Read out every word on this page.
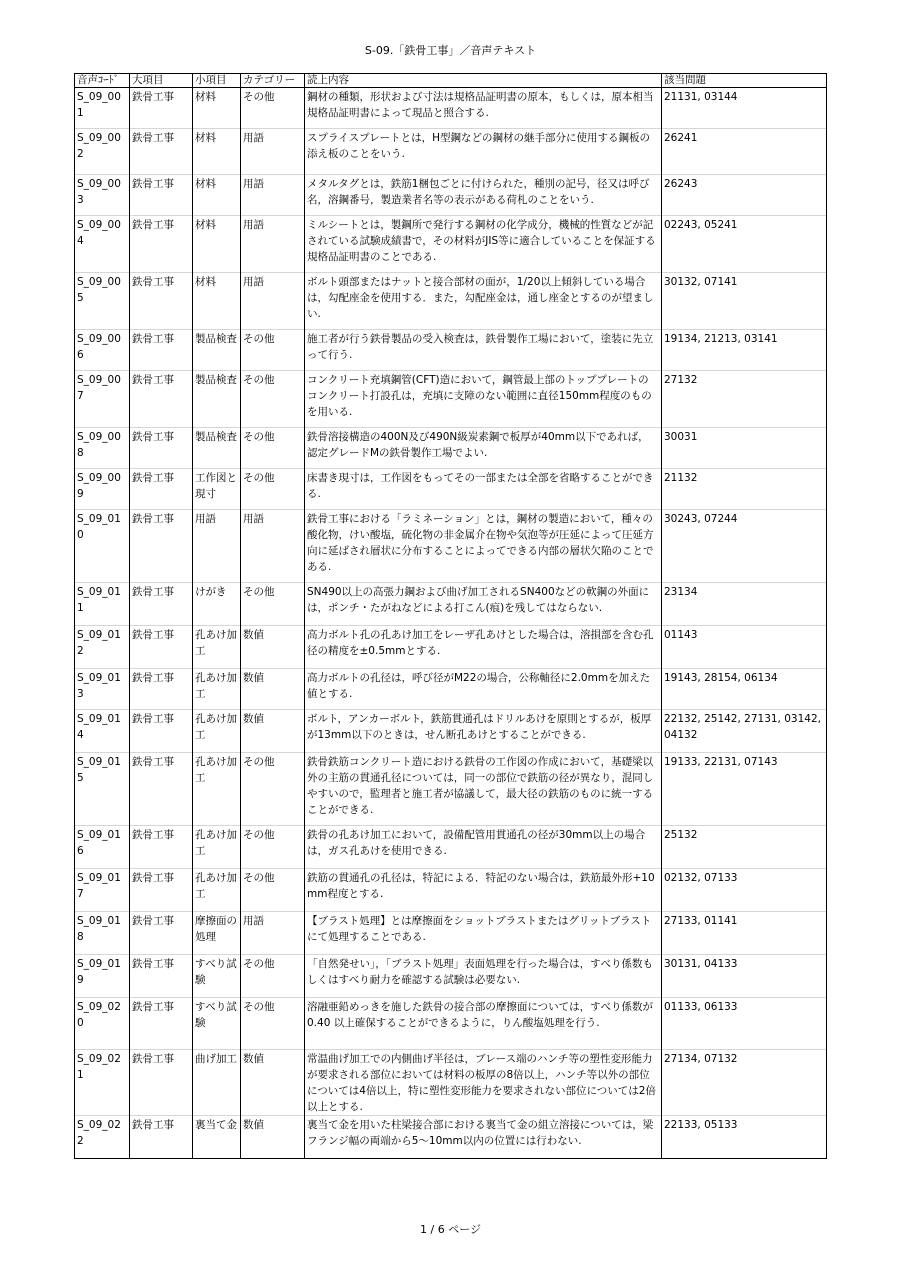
S-09.「鉄骨工事」／音声テキスト
音声ｺｰﾄﾞ	大項目	小項目	カテゴリー	読上内容	該当問題
S_09_001	鉄骨工事	材料	その他	鋼材の種類，形状および寸法は規格品証明書の原本，もしくは，原本相当規格品証明書によって現品と照合する.	21131, 03144
S_09_002	鉄骨工事	材料	用語	スプライスプレートとは，H型鋼などの鋼材の継手部分に使用する鋼板の添え板のことをいう.	26241
S_09_003	鉄骨工事	材料	用語	メタルタグとは，鉄筋1梱包ごとに付けられた，種別の記号，径又は呼び名，溶鋼番号，製造業者名等の表示がある荷札のことをいう.	26243
S_09_004	鉄骨工事	材料	用語	ミルシートとは，製鋼所で発行する鋼材の化学成分，機械的性質などが記されている試験成績書で，その材料がJIS等に適合していることを保証する規格品証明書のことである.	02243, 05241
S_09_005	鉄骨工事	材料	用語	ボルト頭部またはナットと接合部材の面が，1/20以上傾斜している場合は，勾配座金を使用する．また，勾配座金は，通し座金とするのが望ましい.	30132, 07141
S_09_006	鉄骨工事	製品検査	その他	施工者が行う鉄骨製品の受入検査は，鉄骨製作工場において，塗装に先立って行う.	19134, 21213, 03141
S_09_007	鉄骨工事	製品検査	その他	コンクリート充填鋼管(CFT)造において，鋼管最上部のトッププレートのコンクリート打設孔は，充填に支障のない範囲に直径150mm程度のものを用いる.	27132
S_09_008	鉄骨工事	製品検査	その他	鉄骨溶接構造の400N及び490N級炭素鋼で板厚が40mm以下であれば，認定グレードMの鉄骨製作工場でよい.	30031
S_09_009	鉄骨工事	工作図と現寸	その他	床書き現寸は，工作図をもってその一部または全部を省略することができる.	21132
S_09_010	鉄骨工事	用語	用語	鉄骨工事における「ラミネーション」とは，鋼材の製造において，種々の酸化物，けい酸塩，硫化物の非金属介在物や気泡等が圧延によって圧延方向に延ばされ層状に分布することによってできる内部の層状欠陥のことである.	30243, 07244
S_09_011	鉄骨工事	けがき	その他	SN490以上の高張力鋼および曲げ加工されるSN400などの軟鋼の外面には，ポンチ・たがねなどによる打こん(痕)を残してはならない.	23134
S_09_012	鉄骨工事	孔あけ加工	数値	高力ボルト孔の孔あけ加工をレーザ孔あけとした場合は，溶損部を含む孔径の精度を±0.5mmとする.	01143
S_09_013	鉄骨工事	孔あけ加工	数値	高力ボルトの孔径は，呼び径がM22の場合，公称軸径に2.0mmを加えた値とする.	19143, 28154, 06134
S_09_014	鉄骨工事	孔あけ加工	数値	ボルト，アンカーボルト，鉄筋貫通孔はドリルあけを原則とするが，板厚が13mm以下のときは，せん断孔あけとすることができる.	22132, 25142, 27131, 03142, 04132
S_09_015	鉄骨工事	孔あけ加工	その他	鉄骨鉄筋コンクリート造における鉄骨の工作図の作成において，基礎梁以外の主筋の貫通孔径については，同一の部位で鉄筋の径が異なり，混同しやすいので，監理者と施工者が協議して，最大径の鉄筋のものに統一することができる.	19133, 22131, 07143
S_09_016	鉄骨工事	孔あけ加工	その他	鉄骨の孔あけ加工において，設備配管用貫通孔の径が30mm以上の場合は，ガス孔あけを使用できる.	25132
S_09_017	鉄骨工事	孔あけ加工	その他	鉄筋の貫通孔の孔径は，特記による．特記のない場合は，鉄筋最外形+10mm程度とする.	02132, 07133
S_09_018	鉄骨工事	摩擦面の処理	用語	【ブラスト処理】とは摩擦面をショットブラストまたはグリットブラストにて処理することである.	27133, 01141
S_09_019	鉄骨工事	すべり試験	その他	「自然発せい」，「ブラスト処理」表面処理を行った場合は，すべり係数もしくはすべり耐力を確認する試験は必要ない.	30131, 04133
S_09_020	鉄骨工事	すべり試験	その他	溶融亜鉛めっきを施した鉄骨の接合部の摩擦面については，すべり係数が0.40 以上確保することができるように，りん酸塩処理を行う.	01133, 06133
S_09_021	鉄骨工事	曲げ加工	数値	常温曲げ加工での内側曲げ半径は，ブレース端のハンチ等の塑性変形能力が要求される部位においては材料の板厚の8倍以上，ハンチ等以外の部位については4倍以上，特に塑性変形能力を要求されない部位については2倍以上とする.	27134, 07132
S_09_022	鉄骨工事	裏当て金	数値	裏当て金を用いた柱梁接合部における裏当て金の組立溶接については，梁フランジ幅の両端から5～10mm以内の位置には行わない.	22133, 05133
1 / 6 ページ
